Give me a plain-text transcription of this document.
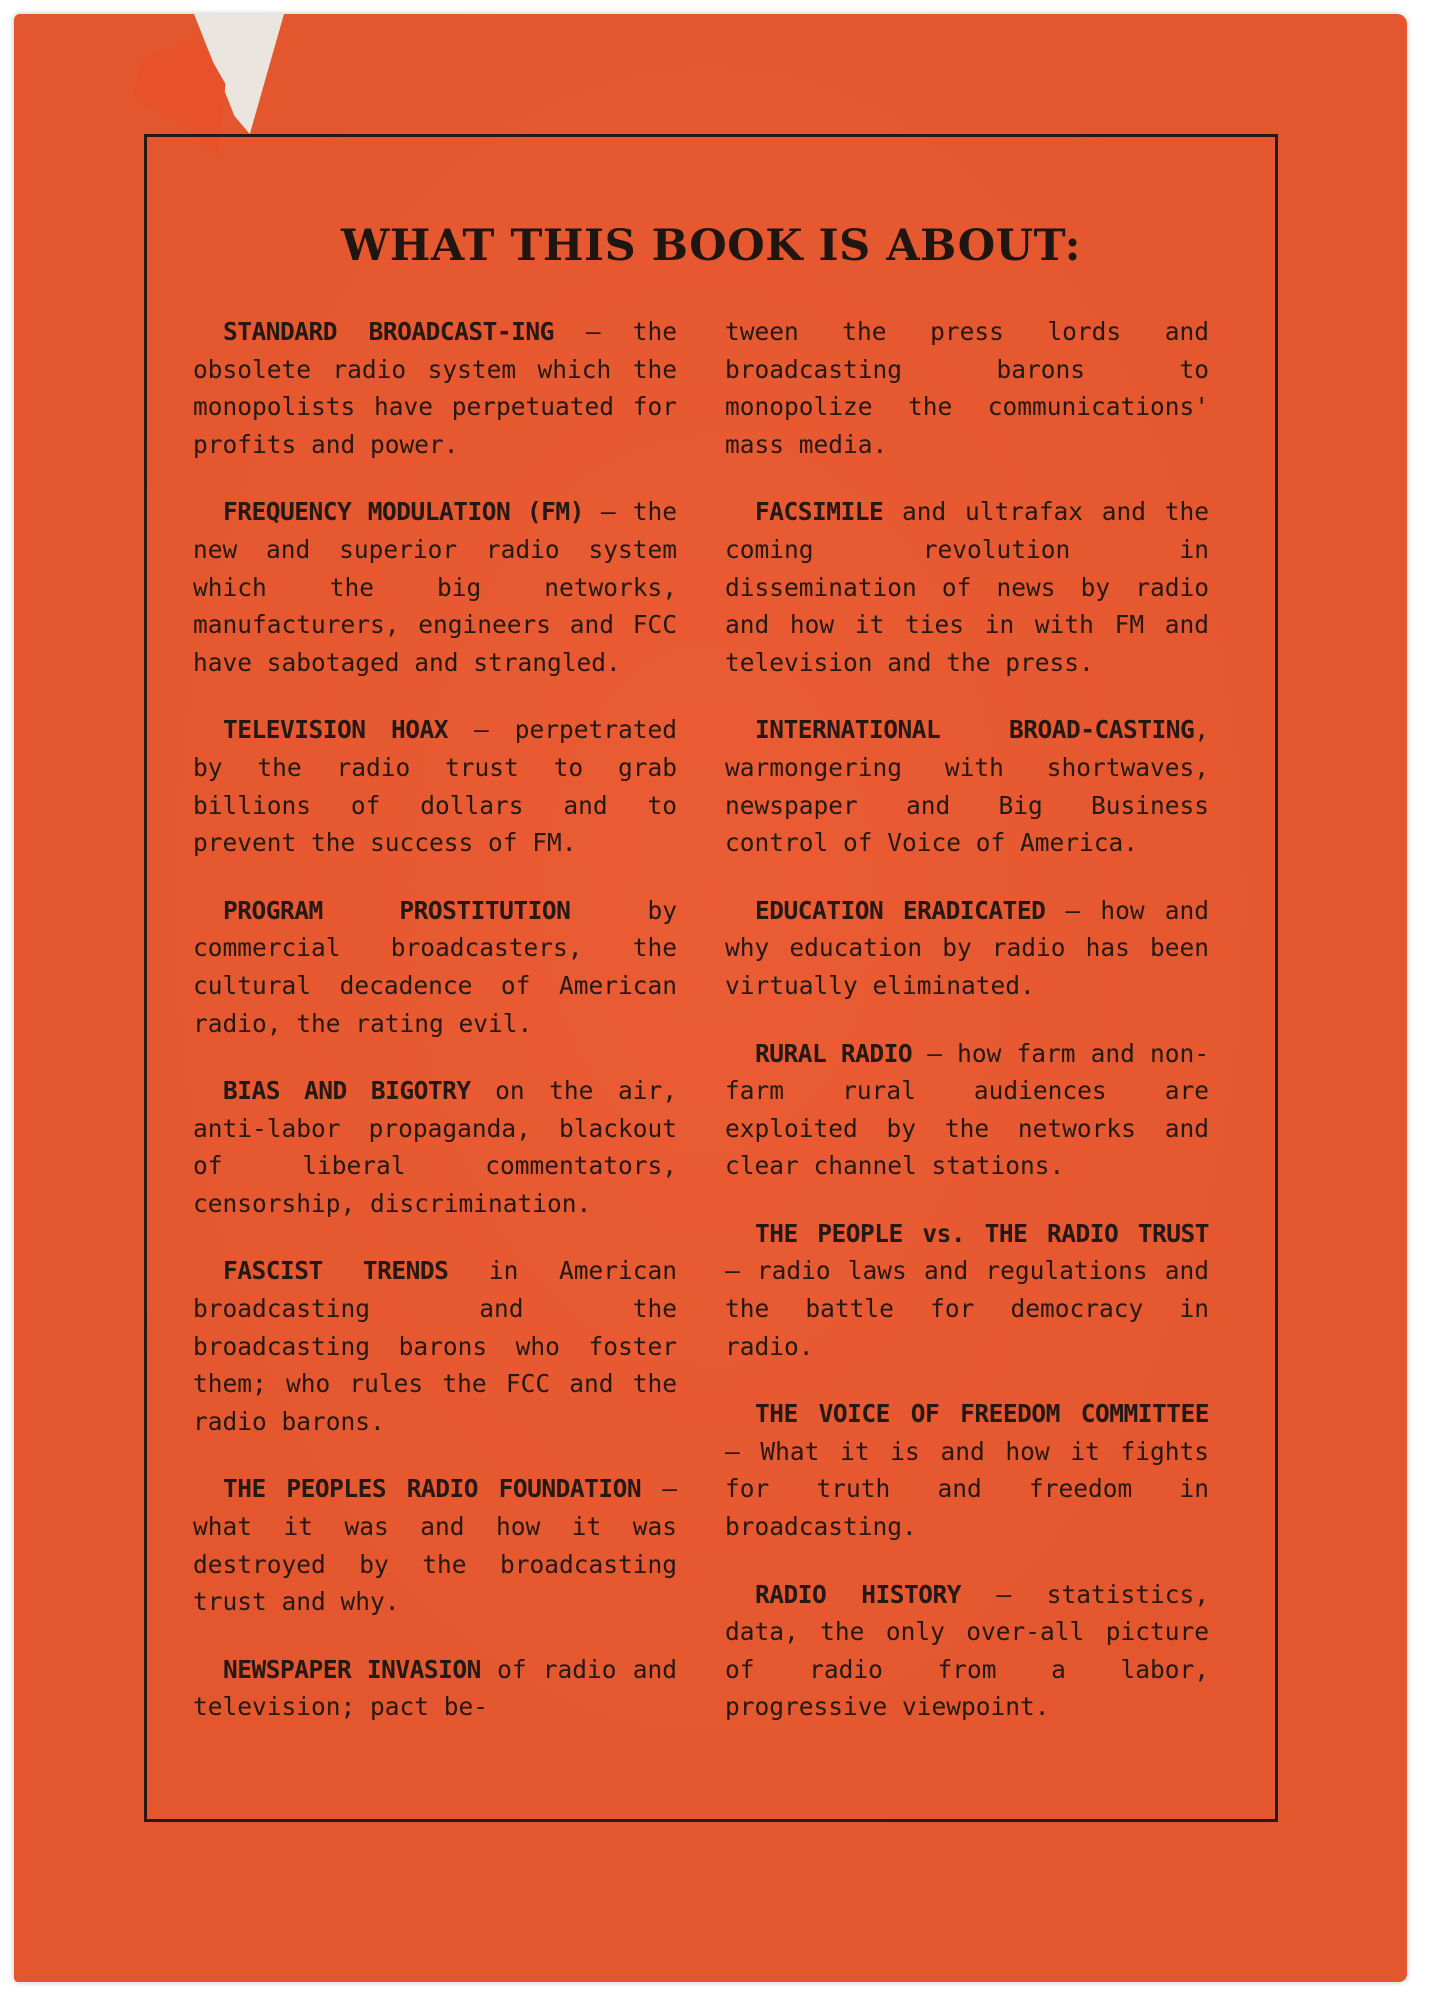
WHAT THIS BOOK IS ABOUT:

STANDARD BROADCAST-ING — the obsolete radio system which the monopolists have perpetuated for profits and power.

FREQUENCY MODULATION (FM) — the new and superior radio system which the big networks, manufacturers, engineers and FCC have sabotaged and strangled.

TELEVISION HOAX — perpetrated by the radio trust to grab billions of dollars and to prevent the success of FM.

PROGRAM PROSTITUTION by commercial broadcasters, the cultural decadence of American radio, the rating evil.

BIAS AND BIGOTRY on the air, anti-labor propaganda, blackout of liberal commentators, censorship, discrimination.

FASCIST TRENDS in American broadcasting and the broadcasting barons who foster them; who rules the FCC and the radio barons.

THE PEOPLES RADIO FOUNDATION — what it was and how it was destroyed by the broadcasting trust and why.

NEWSPAPER INVASION of radio and television; pact be-

tween the press lords and broadcasting barons to monopolize the communications' mass media.

FACSIMILE and ultrafax and the coming revolution in dissemination of news by radio and how it ties in with FM and television and the press.

INTERNATIONAL BROAD-CASTING, warmongering with shortwaves, newspaper and Big Business control of Voice of America.

EDUCATION ERADICATED — how and why education by radio has been virtually eliminated.

RURAL RADIO — how farm and non-farm rural audiences are exploited by the networks and clear channel stations.

THE PEOPLE vs. THE RADIO TRUST — radio laws and regulations and the battle for democracy in radio.

THE VOICE OF FREEDOM COMMITTEE — What it is and how it fights for truth and freedom in broadcasting.

RADIO HISTORY — statistics, data, the only over-all picture of radio from a labor, progressive viewpoint.
